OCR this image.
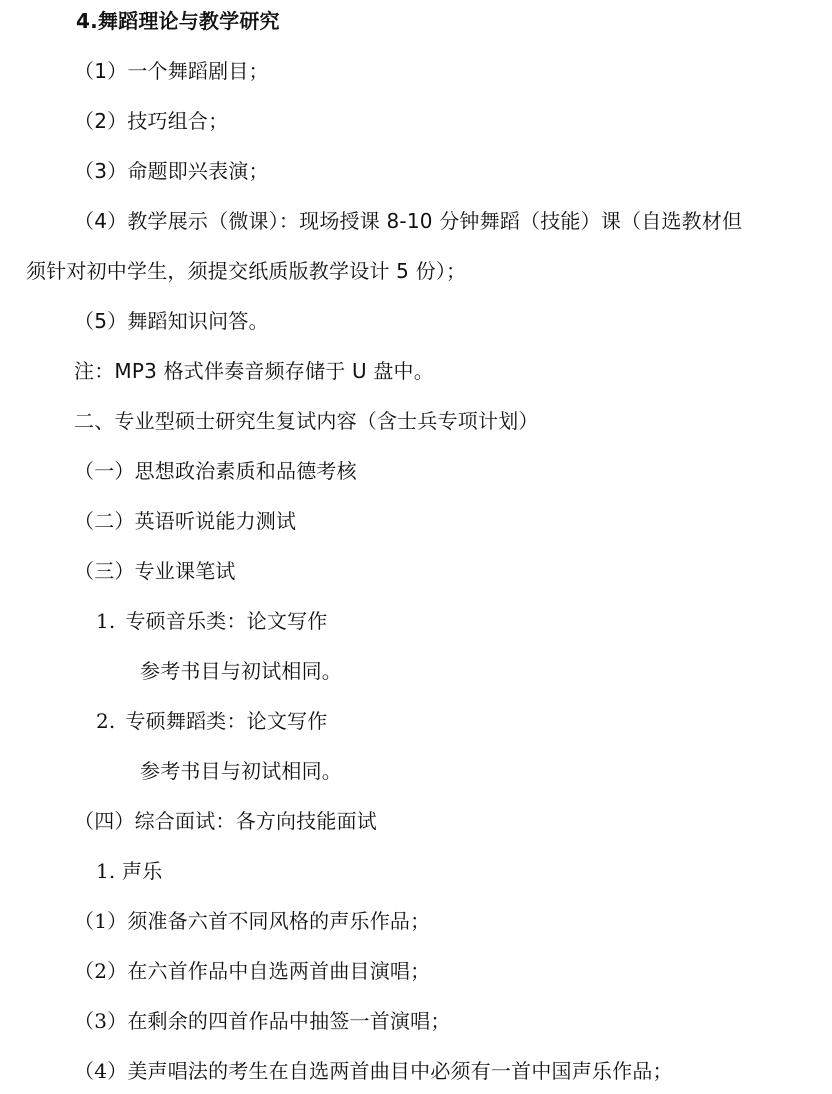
4.舞蹈理论与教学研究
（1）一个舞蹈剧目；
（2）技巧组合；
（3）命题即兴表演；
（4）教学展示（微课）：现场授课 8-10 分钟舞蹈（技能）课（自选教材但
须针对初中学生，须提交纸质版教学设计 5 份）；
（5）舞蹈知识问答。
注：MP3 格式伴奏音频存储于 U 盘中。
二、专业型硕士研究生复试内容（含士兵专项计划）
（一）思想政治素质和品德考核
（二）英语听说能力测试
（三）专业课笔试
1. 专硕音乐类：论文写作
参考书目与初试相同。
2. 专硕舞蹈类：论文写作
参考书目与初试相同。
（四）综合面试：各方向技能面试
1. 声乐
（1）须准备六首不同风格的声乐作品；
（2）在六首作品中自选两首曲目演唱；
（3）在剩余的四首作品中抽签一首演唱；
（4）美声唱法的考生在自选两首曲目中必须有一首中国声乐作品；
